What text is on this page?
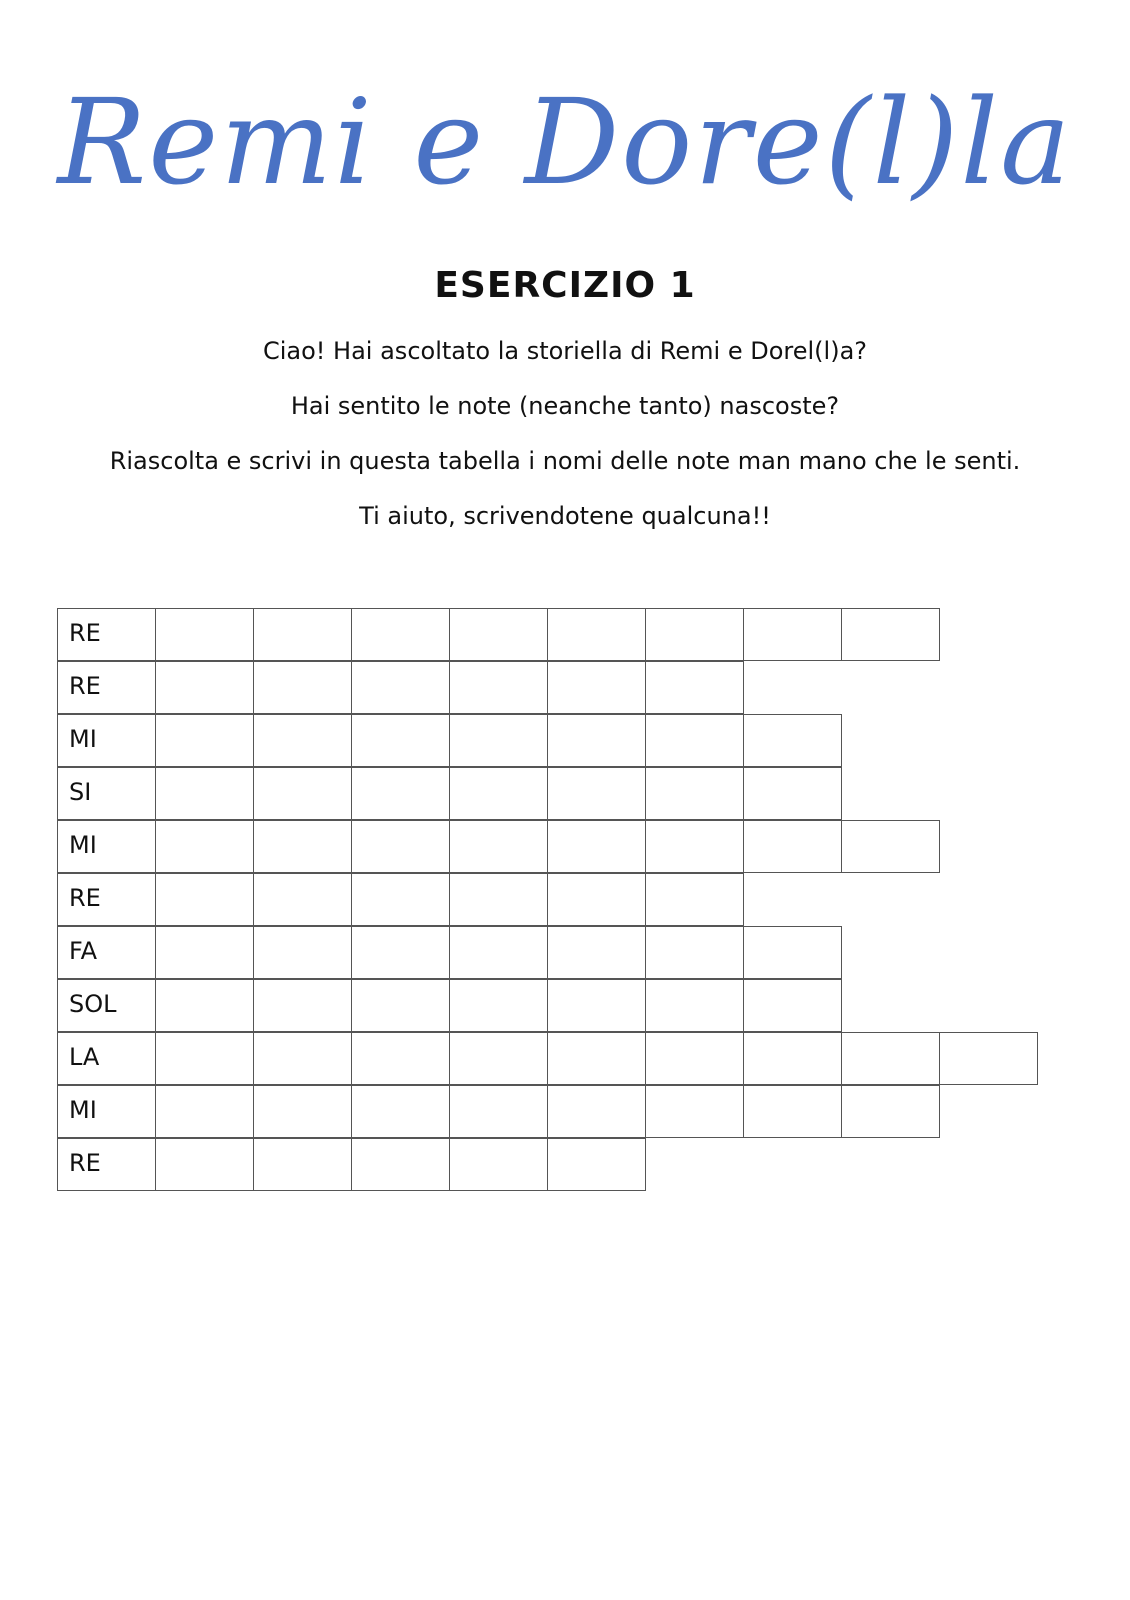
Remi e Dore(l)la
ESERCIZIO 1
Ciao! Hai ascoltato la storiella di Remi e Dorel(l)a?
Hai sentito le note (neanche tanto) nascoste?
Riascolta e scrivi in questa tabella i nomi delle note man mano che le senti.
Ti aiuto, scrivendotene qualcuna!!
RE
RE
MI
SI
MI
RE
FA
SOL
LA
MI
RE
